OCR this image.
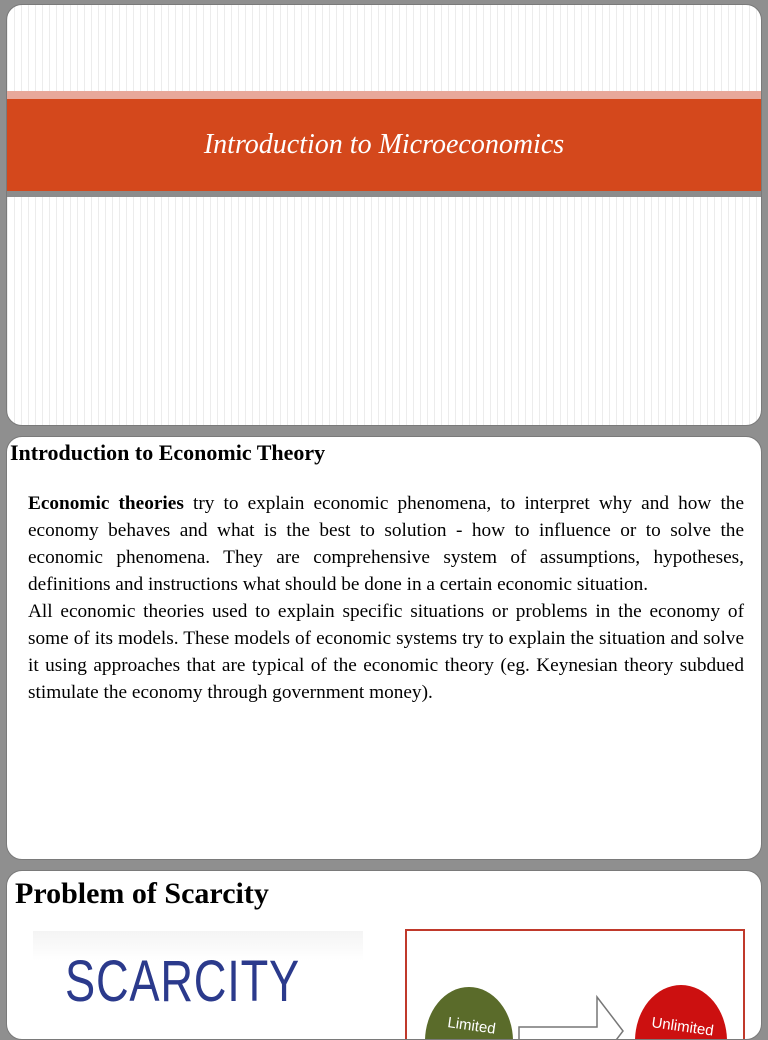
Introduction to Microeconomics
Introduction to Economic Theory

Economic theories try to explain economic phenomena, to interpret why and how the economy behaves and what is the best to solution - how to influence or to solve the economic phenomena. They are comprehensive system of assumptions, hypotheses, definitions and instructions what should be done in a certain economic situation.

All economic theories used to explain specific situations or problems in the economy of some of its models. These models of economic systems try to explain the situation and solve it using approaches that are typical of the economic theory (eg. Keynesian theory subdued stimulate the economy through government money).

Problem of Scarcity
SCARCITY
Limited	Unlimited
